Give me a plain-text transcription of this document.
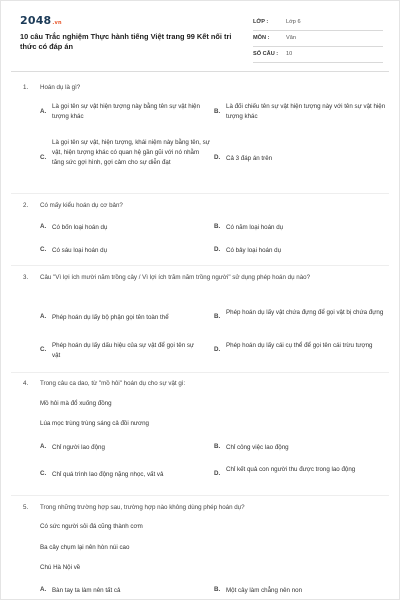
2048.vn
10 câu Trắc nghiệm Thực hành tiếng Việt trang 99 Kết nối tri thức có đáp án
LỚP :	Lớp 6
MÔN :	Văn
SỐ CÂU : 10
1. Hoán dụ là gì?
A.
Là gọi tên sự vật hiện tượng này bằng tên sự vật hiện tượng khác
B.
Là đối chiếu tên sự vật hiện tượng này với tên sự vật hiện tượng khác
C.
Là gọi tên sự vật, hiện tượng, khái niệm này bằng tên, sự vật, hiện tượng khác có quan hệ gần gũi với nó nhằm tăng sức gợi hình, gợi cảm cho sự diễn đạt
D. Cả 3 đáp án trên
2. Có mấy kiểu hoán dụ cơ bản?
A. Có bốn loại hoán dụ	B. Có năm loại hoán dụ
C. Có sáu loại hoán dụ	D. Có bảy loại hoán dụ
3. Câu "Vì lợi ích mười năm trồng cây / Vì lợi ích trăm năm trồng người" sử dụng phép hoán dụ nào?
A. Phép hoán dụ lấy bộ phận gọi tên toàn thể	B.
Phép hoán dụ lấy vật chứa đựng để gọi vật bị chứa đựng
C.
Phép hoán dụ lấy dấu hiệu của sự vật để gọi tên sự vật
D.
Phép hoán dụ lấy cái cụ thể để gọi tên cái trừu tượng
4. Trong câu ca dao, từ "mồ hôi" hoán dụ cho sự vật gì:
Mồ hôi mà đổ xuống đồng
Lúa mọc trùng trùng sáng cả đồi nương
A. Chỉ người lao động	B. Chỉ công việc lao động
C. Chỉ quá trình lao động nặng nhọc, vất vả	D.
Chỉ kết quả con người thu được trong lao động
5. Trong những trường hợp sau, trường hợp nào không dùng phép hoán dụ?
Có sức người sỏi đá cũng thành cơm
Ba cây chụm lại nên hòn núi cao
Chú Hà Nội về
A. Bàn tay ta làm nên tất cả	B. Một cây làm chẳng nên non
